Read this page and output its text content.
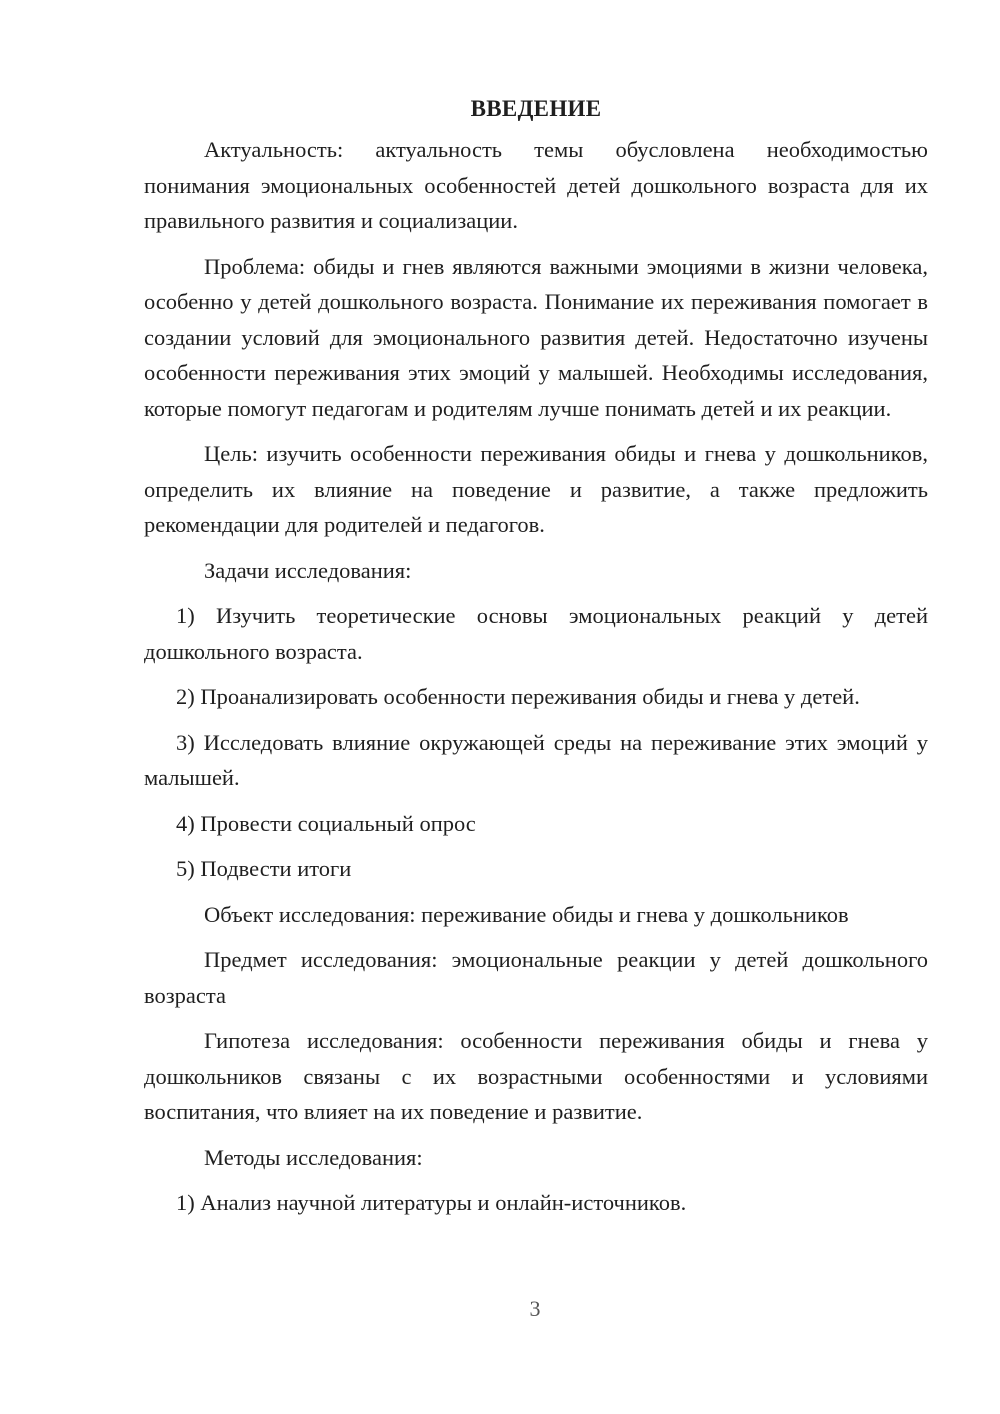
ВВЕДЕНИЕ

Актуальность: актуальность темы обусловлена необходимостью понимания эмоциональных особенностей детей дошкольного возраста для их правильного развития и социализации.

Проблема: обиды и гнев являются важными эмоциями в жизни человека, особенно у детей дошкольного возраста. Понимание их переживания помогает в создании условий для эмоционального развития детей. Недостаточно изучены особенности переживания этих эмоций у малышей. Необходимы исследования, которые помогут педагогам и родителям лучше понимать детей и их реакции.

Цель: изучить особенности переживания обиды и гнева у дошкольников, определить их влияние на поведение и развитие, а также предложить рекомендации для родителей и педагогов.

Задачи исследования:

1) Изучить теоретические основы эмоциональных реакций у детей дошкольного возраста.

2) Проанализировать особенности переживания обиды и гнева у детей.

3) Исследовать влияние окружающей среды на переживание этих эмоций у малышей.

4) Провести социальный опрос

5) Подвести итоги

Объект исследования: переживание обиды и гнева у дошкольников

Предмет исследования: эмоциональные реакции у детей дошкольного возраста

Гипотеза исследования: особенности переживания обиды и гнева у дошкольников связаны с их возрастными особенностями и условиями воспитания, что влияет на их поведение и развитие.

Методы исследования:

1) Анализ научной литературы и онлайн-источников.

3
